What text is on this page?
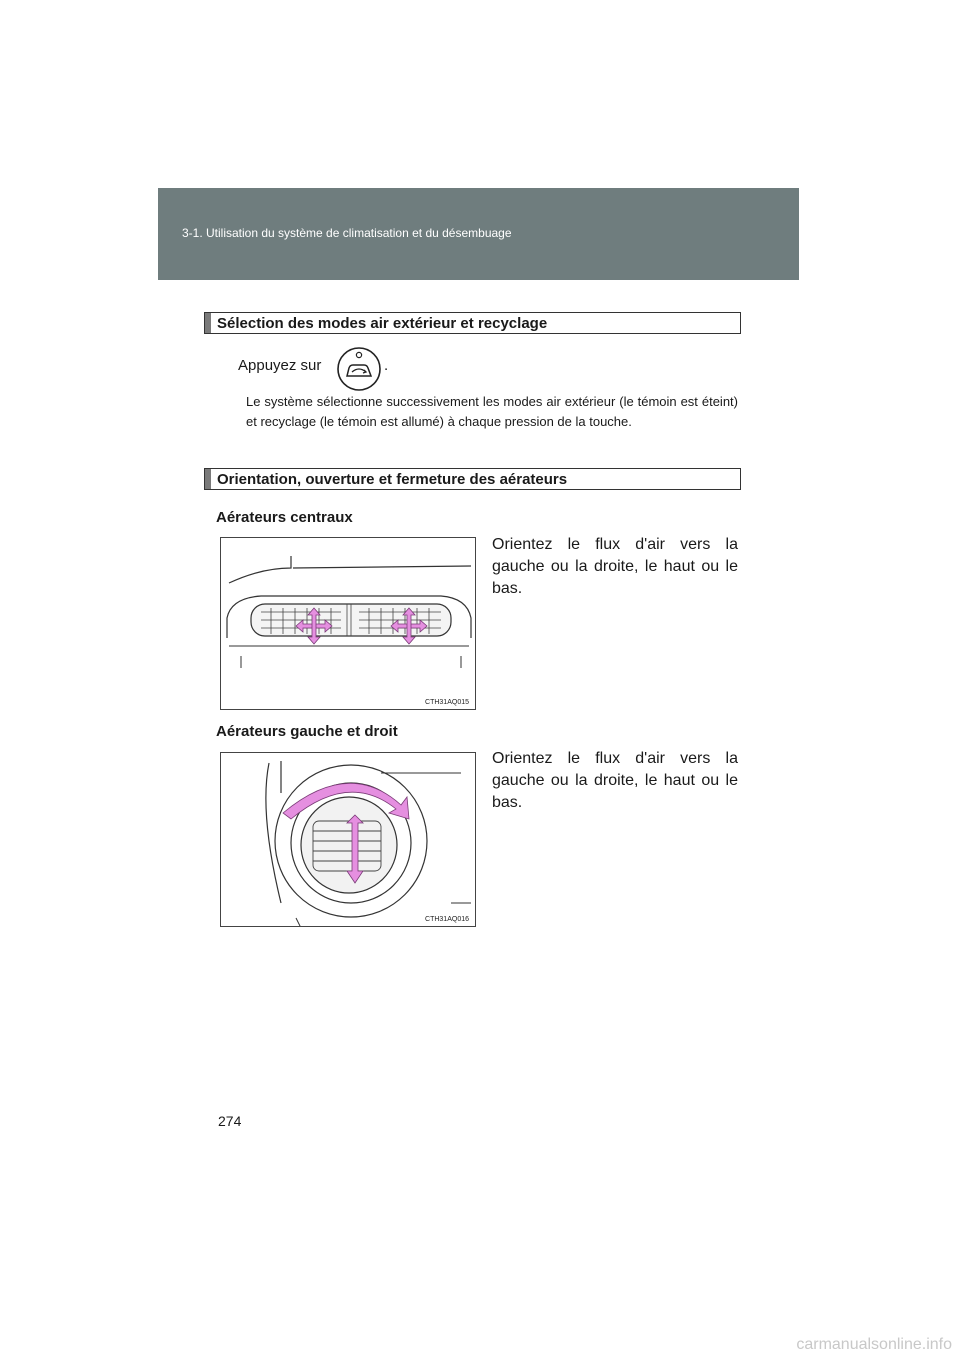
3-1. Utilisation du système de climatisation et du désembuage
Sélection des modes air extérieur et recyclage
Appuyez sur	.
Le système sélectionne successivement les modes air extérieur (le témoin est éteint) et recyclage (le témoin est allumé) à chaque pression de la touche.
Orientation, ouverture et fermeture des aérateurs
Aérateurs centraux
Orientez le flux d'air vers la gauche ou la droite, le haut ou le bas.
CTH31AQ015
Aérateurs gauche et droit
Orientez le flux d'air vers la gauche ou la droite, le haut ou le bas.
CTH31AQ016
274
carmanualsonline.info
